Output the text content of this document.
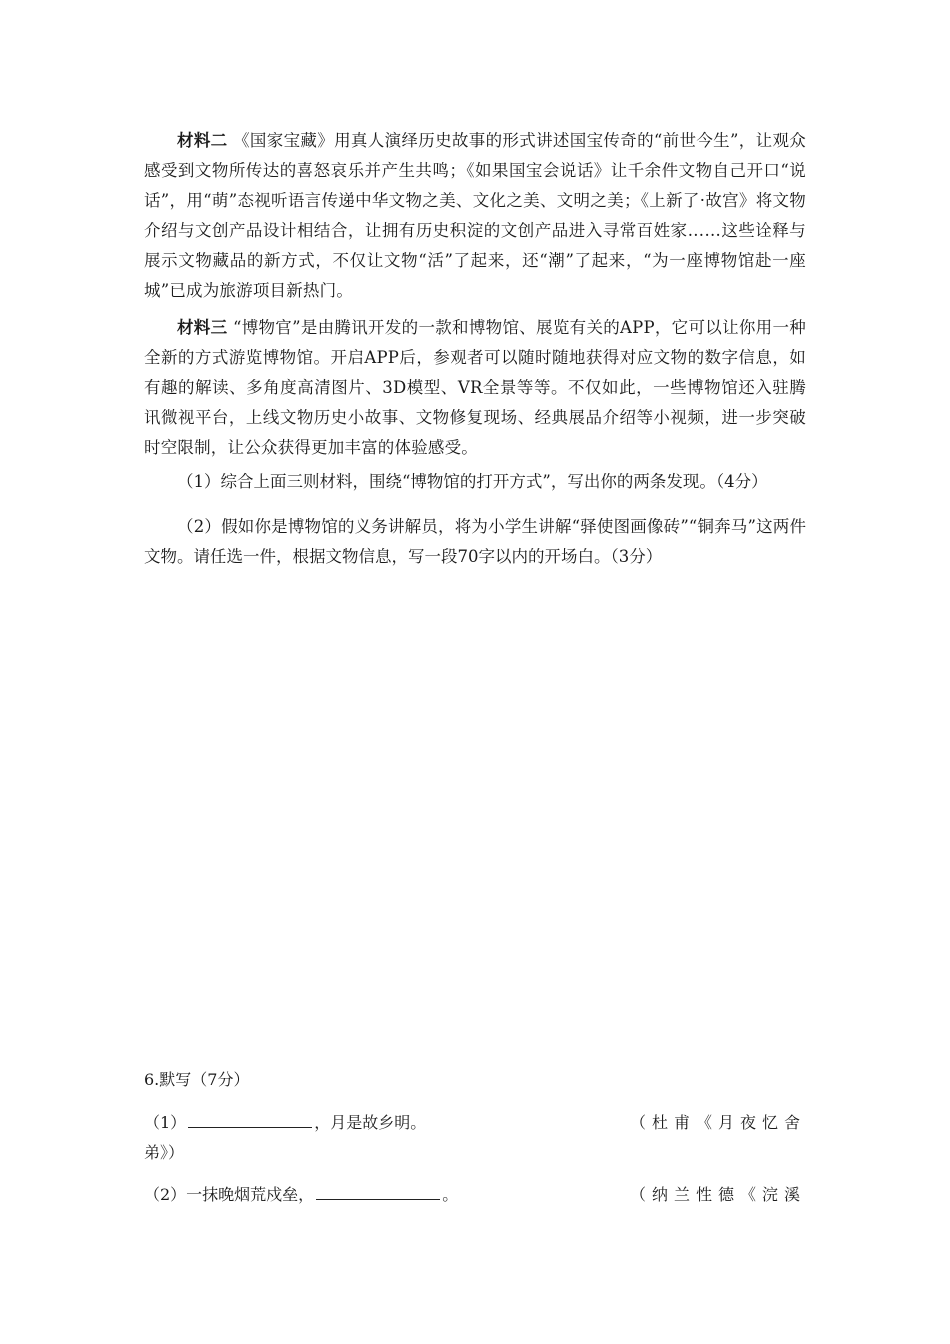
材料二 《国家宝藏》用真人演绎历史故事的形式讲述国宝传奇的“前世今生”，让观众感受到文物所传达的喜怒哀乐并产生共鸣；《如果国宝会说话》让千余件文物自己开口“说话”，用“萌”态视听语言传递中华文物之美、文化之美、文明之美；《上新了·故宫》将文物介绍与文创产品设计相结合，让拥有历史积淀的文创产品进入寻常百姓家……这些诠释与展示文物藏品的新方式，不仅让文物“活”了起来，还“潮”了起来，“为一座博物馆赴一座城”已成为旅游项目新热门。
材料三 “博物官”是由腾讯开发的一款和博物馆、展览有关的APP，它可以让你用一种全新的方式游览博物馆。开启APP后，参观者可以随时随地获得对应文物的数字信息，如有趣的解读、多角度高清图片、3D模型、VR全景等等。不仅如此，一些博物馆还入驻腾讯微视平台，上线文物历史小故事、文物修复现场、经典展品介绍等小视频，进一步突破时空限制，让公众获得更加丰富的体验感受。
（1）综合上面三则材料，围绕“博物馆的打开方式”，写出你的两条发现。（4分）
（2）假如你是博物馆的义务讲解员，将为小学生讲解“驿使图画像砖”“铜奔马”这两件文物。请任选一件，根据文物信息，写一段70字以内的开场白。（3分）
6.默写（7分）
（1）	，月是故乡明。	（杜甫《月夜忆舍
弟》）
（2）一抹晚烟荒戍垒，	。	（纳兰性德《浣溪
